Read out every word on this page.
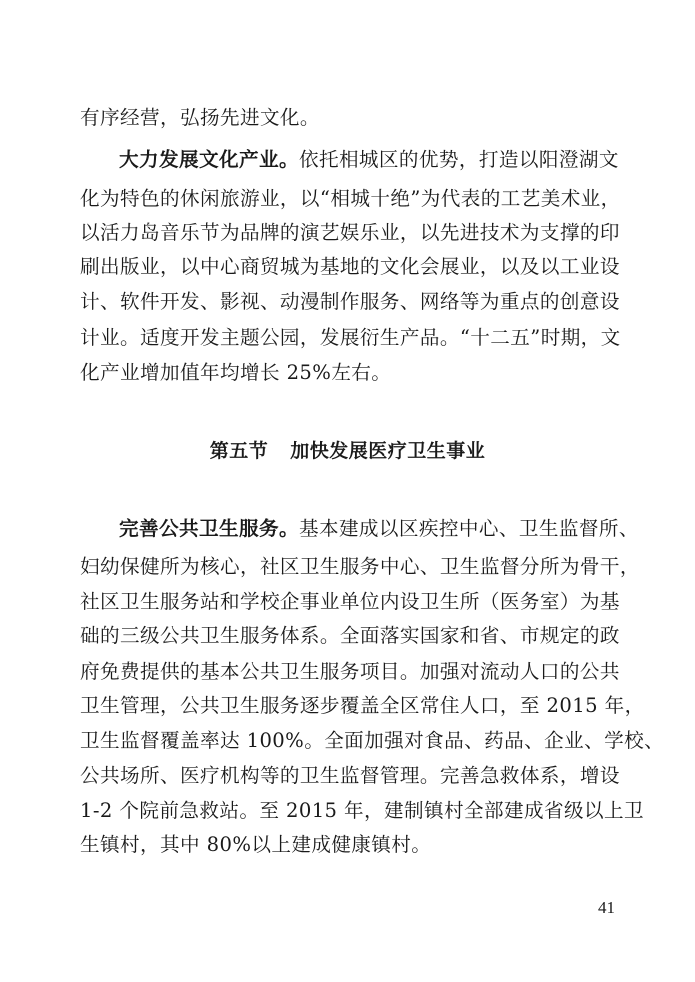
有序经营，弘扬先进文化。
大力发展文化产业。依托相城区的优势，打造以阳澄湖文
化为特色的休闲旅游业，以“相城十绝”为代表的工艺美术业，
以活力岛音乐节为品牌的演艺娱乐业，以先进技术为支撑的印
刷出版业，以中心商贸城为基地的文化会展业，以及以工业设
计、软件开发、影视、动漫制作服务、网络等为重点的创意设
计业。适度开发主题公园，发展衍生产品。“十二五”时期，文
化产业增加值年均增长 25%左右。
第五节 加快发展医疗卫生事业
完善公共卫生服务。基本建成以区疾控中心、卫生监督所、
妇幼保健所为核心，社区卫生服务中心、卫生监督分所为骨干，
社区卫生服务站和学校企事业单位内设卫生所（医务室）为基
础的三级公共卫生服务体系。全面落实国家和省、市规定的政
府免费提供的基本公共卫生服务项目。加强对流动人口的公共
卫生管理，公共卫生服务逐步覆盖全区常住人口，至 2015 年，
卫生监督覆盖率达 100%。全面加强对食品、药品、企业、学校、
公共场所、医疗机构等的卫生监督管理。完善急救体系，增设
1-2 个院前急救站。至 2015 年，建制镇村全部建成省级以上卫
生镇村，其中 80%以上建成健康镇村。
41
